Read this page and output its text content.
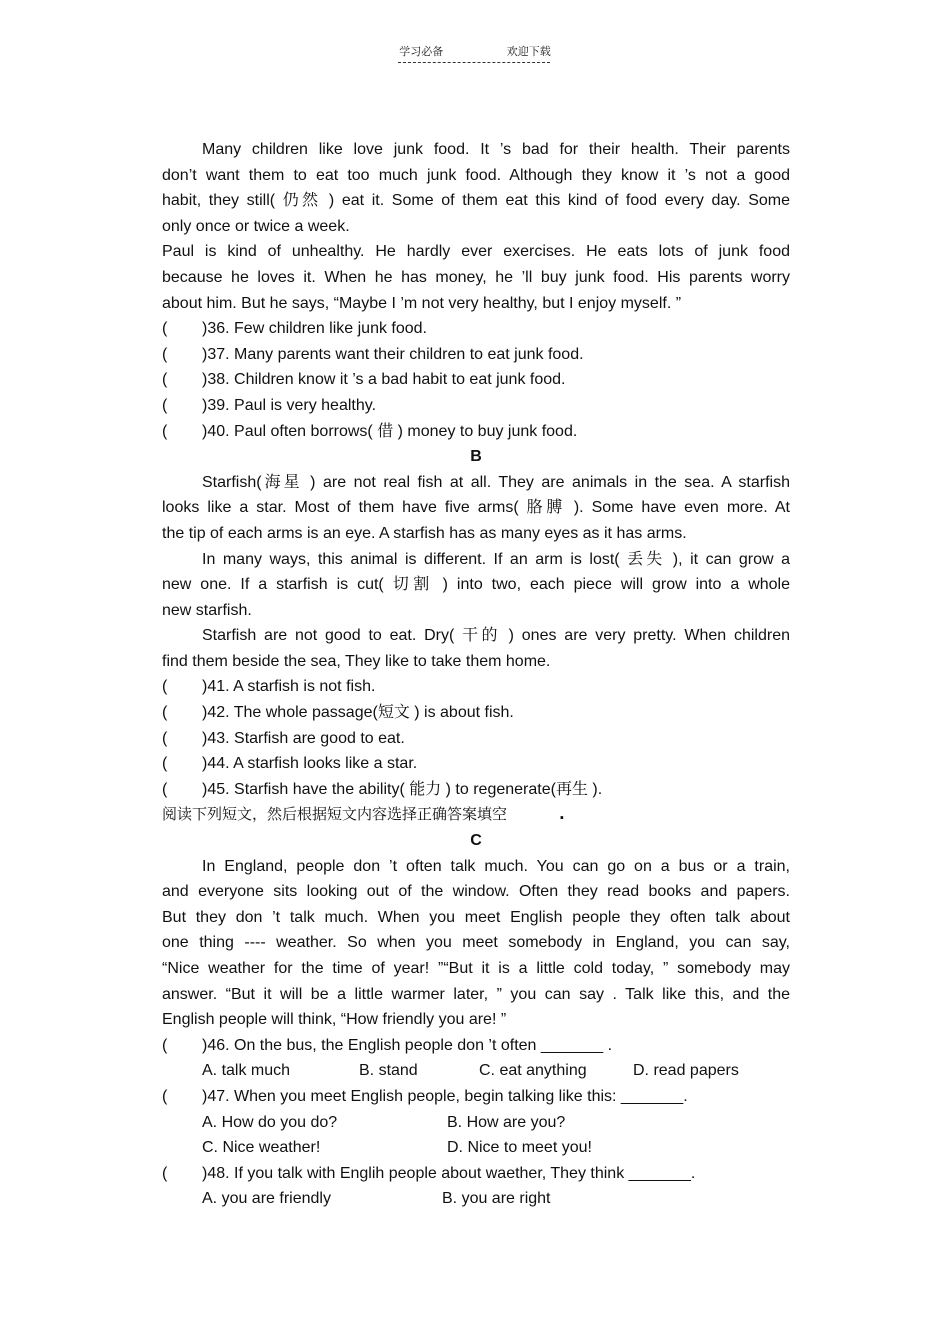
学习必备	欢迎下载
Many children like love junk food. It ’s bad for their health. Their parents
don’t want them to eat too much junk food. Although they know it ’s not a good
habit, they still( 仍然 ) eat it. Some of them eat this kind of food every day. Some
only once or twice a week.
Paul is kind of unhealthy. He hardly ever exercises. He eats lots of junk food
because he loves it. When he has money, he ’ll buy junk food. His parents worry
about him. But he says, “Maybe I ’m not very healthy, but I enjoy myself. ”
(	)36. Few children like junk food.
(	)37. Many parents want their children to eat junk food.
(	)38. Children know it ’s a bad habit to eat junk food.
(	)39. Paul is very healthy.
(	)40. Paul often borrows( 借 ) money to buy junk food.
B
Starfish(海星 ) are not real fish at all. They are animals in the sea. A starfish
looks like a star. Most of them have five arms( 胳膊 ). Some have even more. At
the tip of each arms is an eye. A starfish has as many eyes as it has arms.
In many ways, this animal is different. If an arm is lost( 丢失 ), it can grow a
new one. If a starfish is cut( 切割 ) into two, each piece will grow into a whole
new starfish.
Starfish are not good to eat. Dry( 干的 ) ones are very pretty. When children
find them beside the sea, They like to take them home.
(	)41. A starfish is not fish.
(	)42. The whole passage(短文 ) is about fish.
(	)43. Starfish are good to eat.
(	)44. A starfish looks like a star.
(	)45. Starfish have the ability( 能力 ) to regenerate(再生 ).
阅读下列短文，然后根据短文内容选择正确答案填空	.
C
In England, people don ’t often talk much. You can go on a bus or a train,
and everyone sits looking out of the window. Often they read books and papers.
But they don ’t talk much. When you meet English people they often talk about
one thing ---- weather. So when you meet somebody in England, you can say,
“Nice weather for the time of year! ”“But it is a little cold today, ” somebody may
answer. “But it will be a little warmer later, ” you can say . Talk like this, and the
English people will think, “How friendly you are! ”
(	)46. On the bus, the English people don ’t often _______ .
A. talk much	B. stand	C. eat anything	D. read papers
(	)47. When you meet English people, begin talking like this: _______.
A. How do you do?	B. How are you?
C. Nice weather!	D. Nice to meet you!
(	)48. If you talk with Englih people about waether, They think _______.
A. you are friendly	B. you are right
